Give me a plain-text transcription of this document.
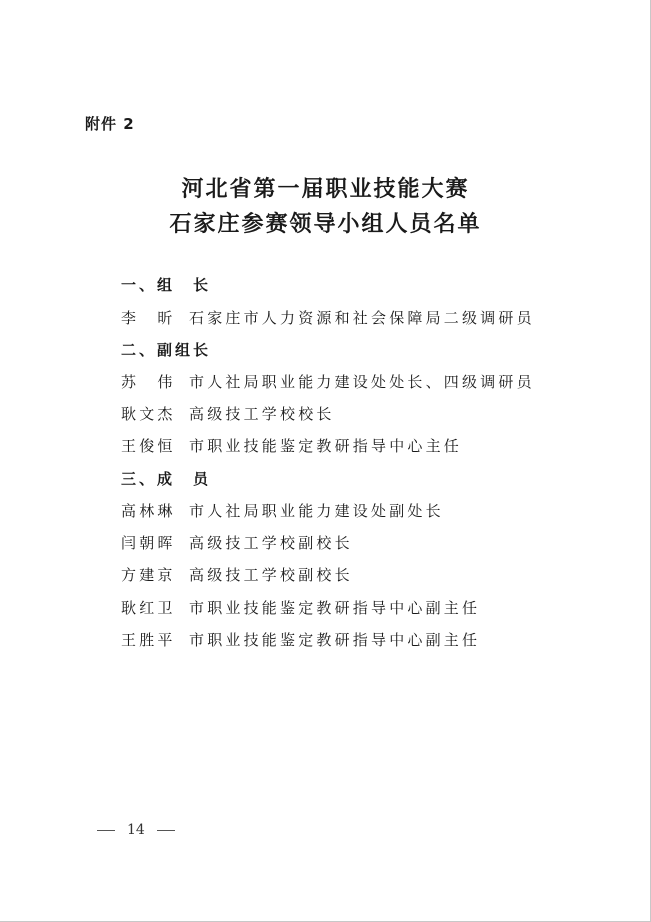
附件 2
河北省第一届职业技能大赛
石家庄参赛领导小组人员名单
一、组　长
李　昕 石家庄市人力资源和社会保障局二级调研员
二、副组长
苏　伟 市人社局职业能力建设处处长、四级调研员
耿文杰 高级技工学校校长
王俊恒 市职业技能鉴定教研指导中心主任
三、成　员
高林琳 市人社局职业能力建设处副处长
闫朝晖 高级技工学校副校长
方建京 高级技工学校副校长
耿红卫 市职业技能鉴定教研指导中心副主任
王胜平 市职业技能鉴定教研指导中心副主任
14
